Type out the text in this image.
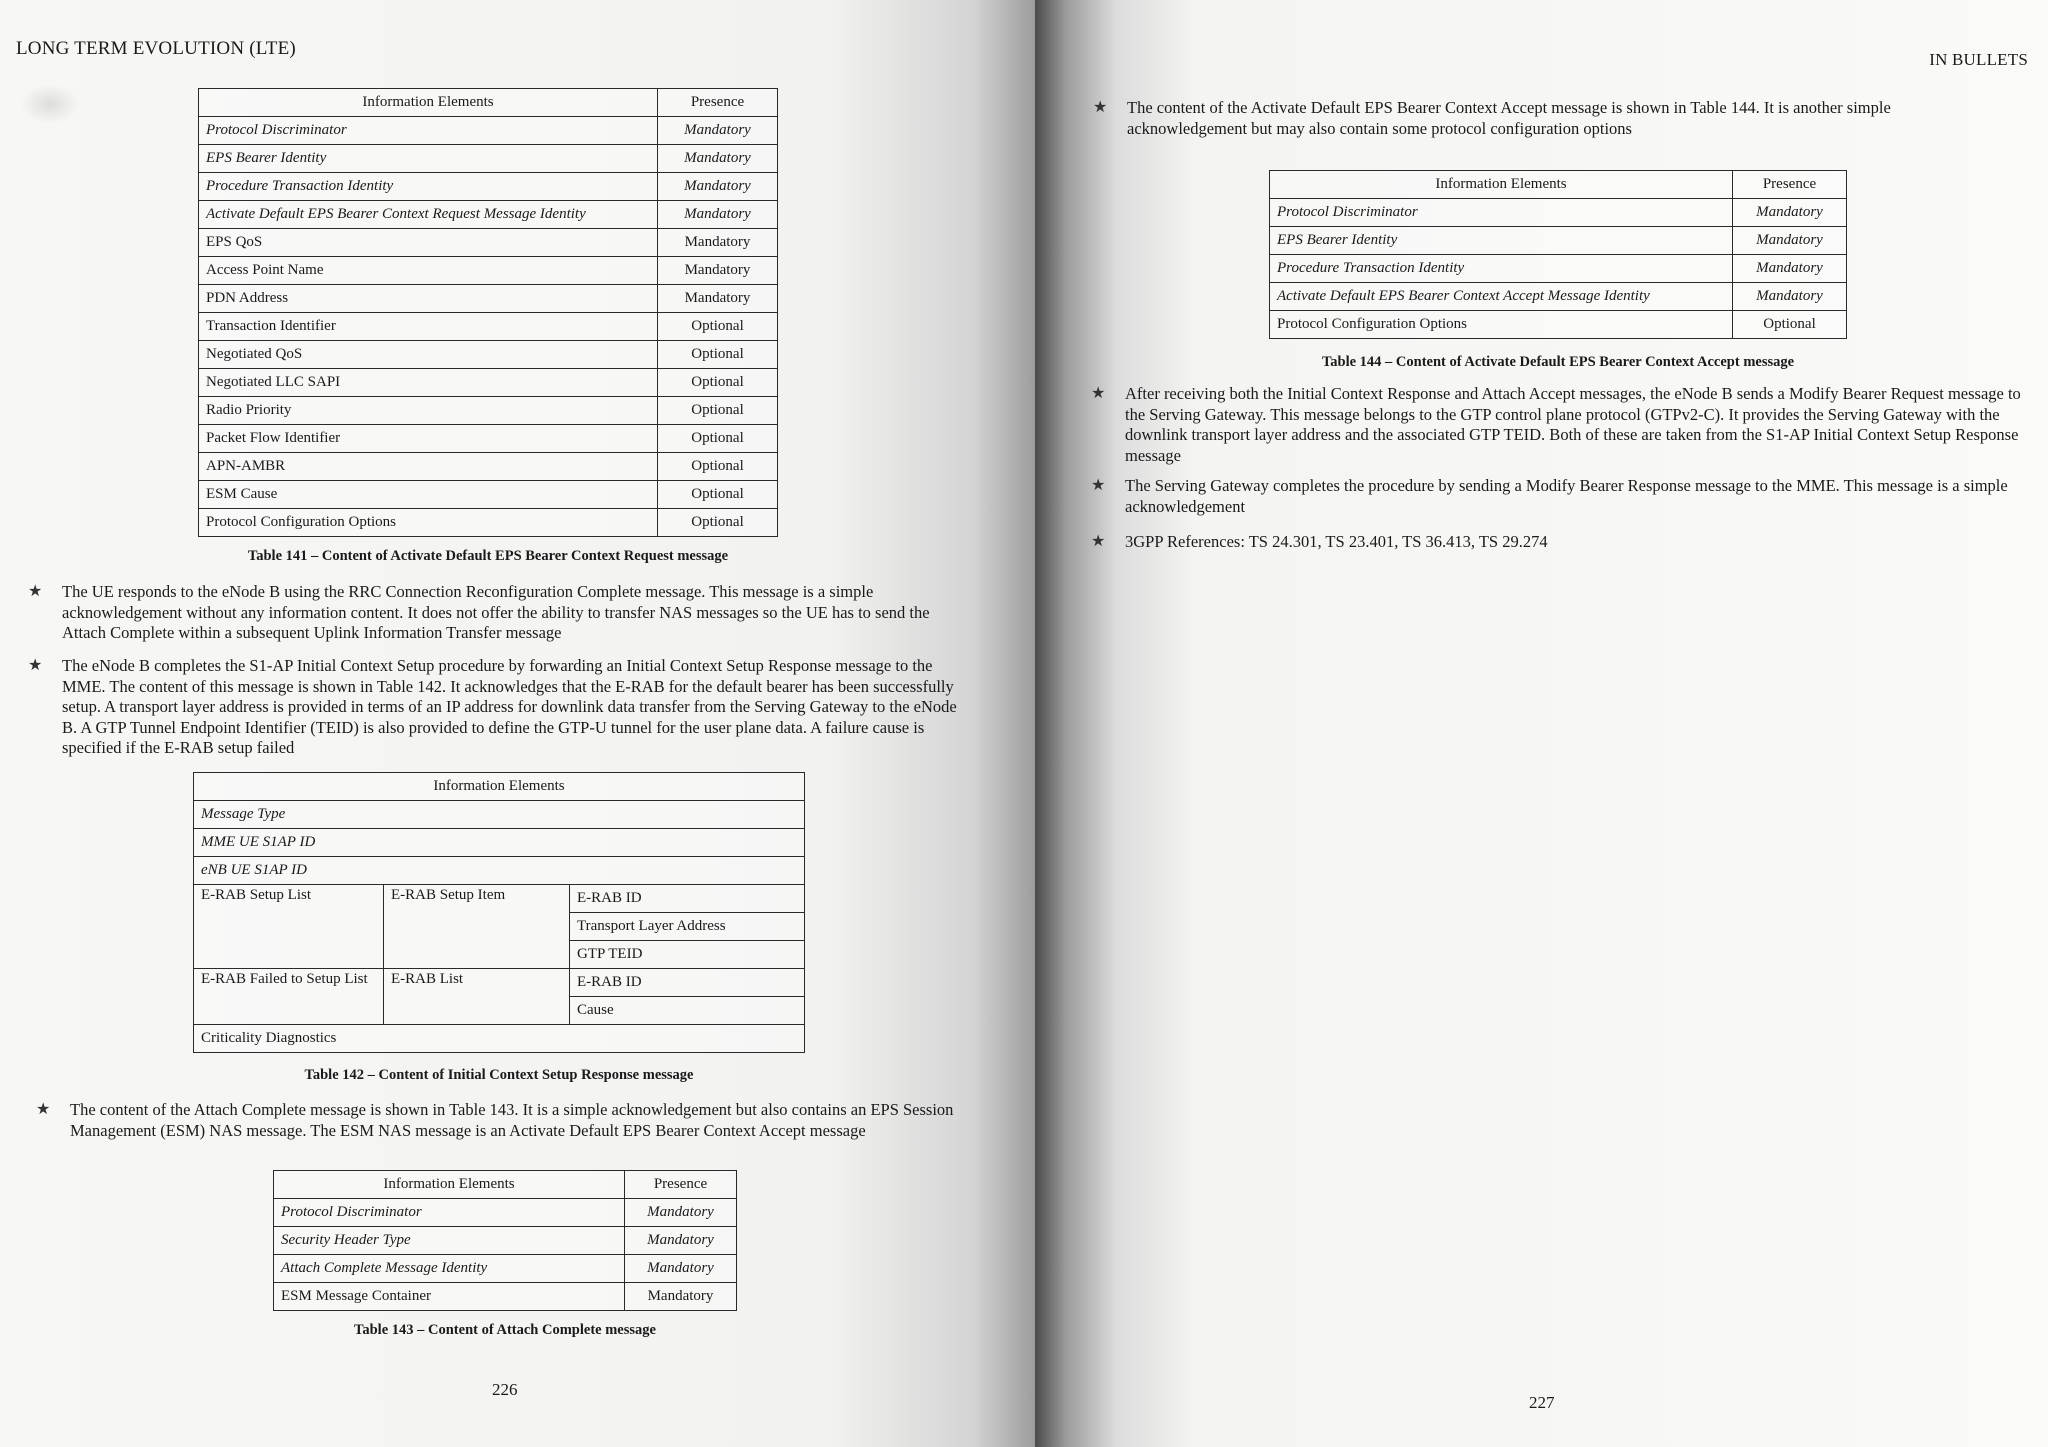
LONG TERM EVOLUTION (LTE)
Information Elements	Presence
Protocol Discriminator	Mandatory
EPS Bearer Identity	Mandatory
Procedure Transaction Identity	Mandatory
Activate Default EPS Bearer Context Request Message Identity	Mandatory
EPS QoS	Mandatory
Access Point Name	Mandatory
PDN Address	Mandatory
Transaction Identifier	Optional
Negotiated QoS	Optional
Negotiated LLC SAPI	Optional
Radio Priority	Optional
Packet Flow Identifier	Optional
APN-AMBR	Optional
ESM Cause	Optional
Protocol Configuration Options	Optional
Table 141 – Content of Activate Default EPS Bearer Context Request message
★ The UE responds to the eNode B using the RRC Connection Reconfiguration Complete message. This message is a simple acknowledgement without any information content. It does not offer the ability to transfer NAS messages so the UE has to send the Attach Complete within a subsequent Uplink Information Transfer message
★ The eNode B completes the S1-AP Initial Context Setup procedure by forwarding an Initial Context Setup Response message to the MME. The content of this message is shown in Table 142. It acknowledges that the E-RAB for the default bearer has been successfully setup. A transport layer address is provided in terms of an IP address for downlink data transfer from the Serving Gateway to the eNode B. A GTP Tunnel Endpoint Identifier (TEID) is also provided to define the GTP-U tunnel for the user plane data. A failure cause is specified if the E-RAB setup failed
Information Elements		
Message Type		
MME UE S1AP ID		
eNB UE S1AP ID		
E-RAB Setup List	E-RAB Setup Item	E-RAB ID
		Transport Layer Address
		GTP TEID
E-RAB Failed to Setup List	E-RAB List	E-RAB ID
		Cause
Criticality Diagnostics		
Table 142 – Content of Initial Context Setup Response message
★ The content of the Attach Complete message is shown in Table 143. It is a simple acknowledgement but also contains an EPS Session Management (ESM) NAS message. The ESM NAS message is an Activate Default EPS Bearer Context Accept message
Information Elements	Presence
Protocol Discriminator	Mandatory
Security Header Type	Mandatory
Attach Complete Message Identity	Mandatory
ESM Message Container	Mandatory
Table 143 – Content of Attach Complete message
226
IN BULLETS
★ The content of the Activate Default EPS Bearer Context Accept message is shown in Table 144. It is another simple acknowledgement but may also contain some protocol configuration options
Information Elements	Presence
Protocol Discriminator	Mandatory
EPS Bearer Identity	Mandatory
Procedure Transaction Identity	Mandatory
Activate Default EPS Bearer Context Accept Message Identity	Mandatory
Protocol Configuration Options	Optional
Table 144 – Content of Activate Default EPS Bearer Context Accept message
★ After receiving both the Initial Context Response and Attach Accept messages, the eNode B sends a Modify Bearer Request message to the Serving Gateway. This message belongs to the GTP control plane protocol (GTPv2-C). It provides the Serving Gateway with the downlink transport layer address and the associated GTP TEID. Both of these are taken from the S1-AP Initial Context Setup Response message
★ The Serving Gateway completes the procedure by sending a Modify Bearer Response message to the MME. This message is a simple acknowledgement
★ 3GPP References: TS 24.301, TS 23.401, TS 36.413, TS 29.274
227
